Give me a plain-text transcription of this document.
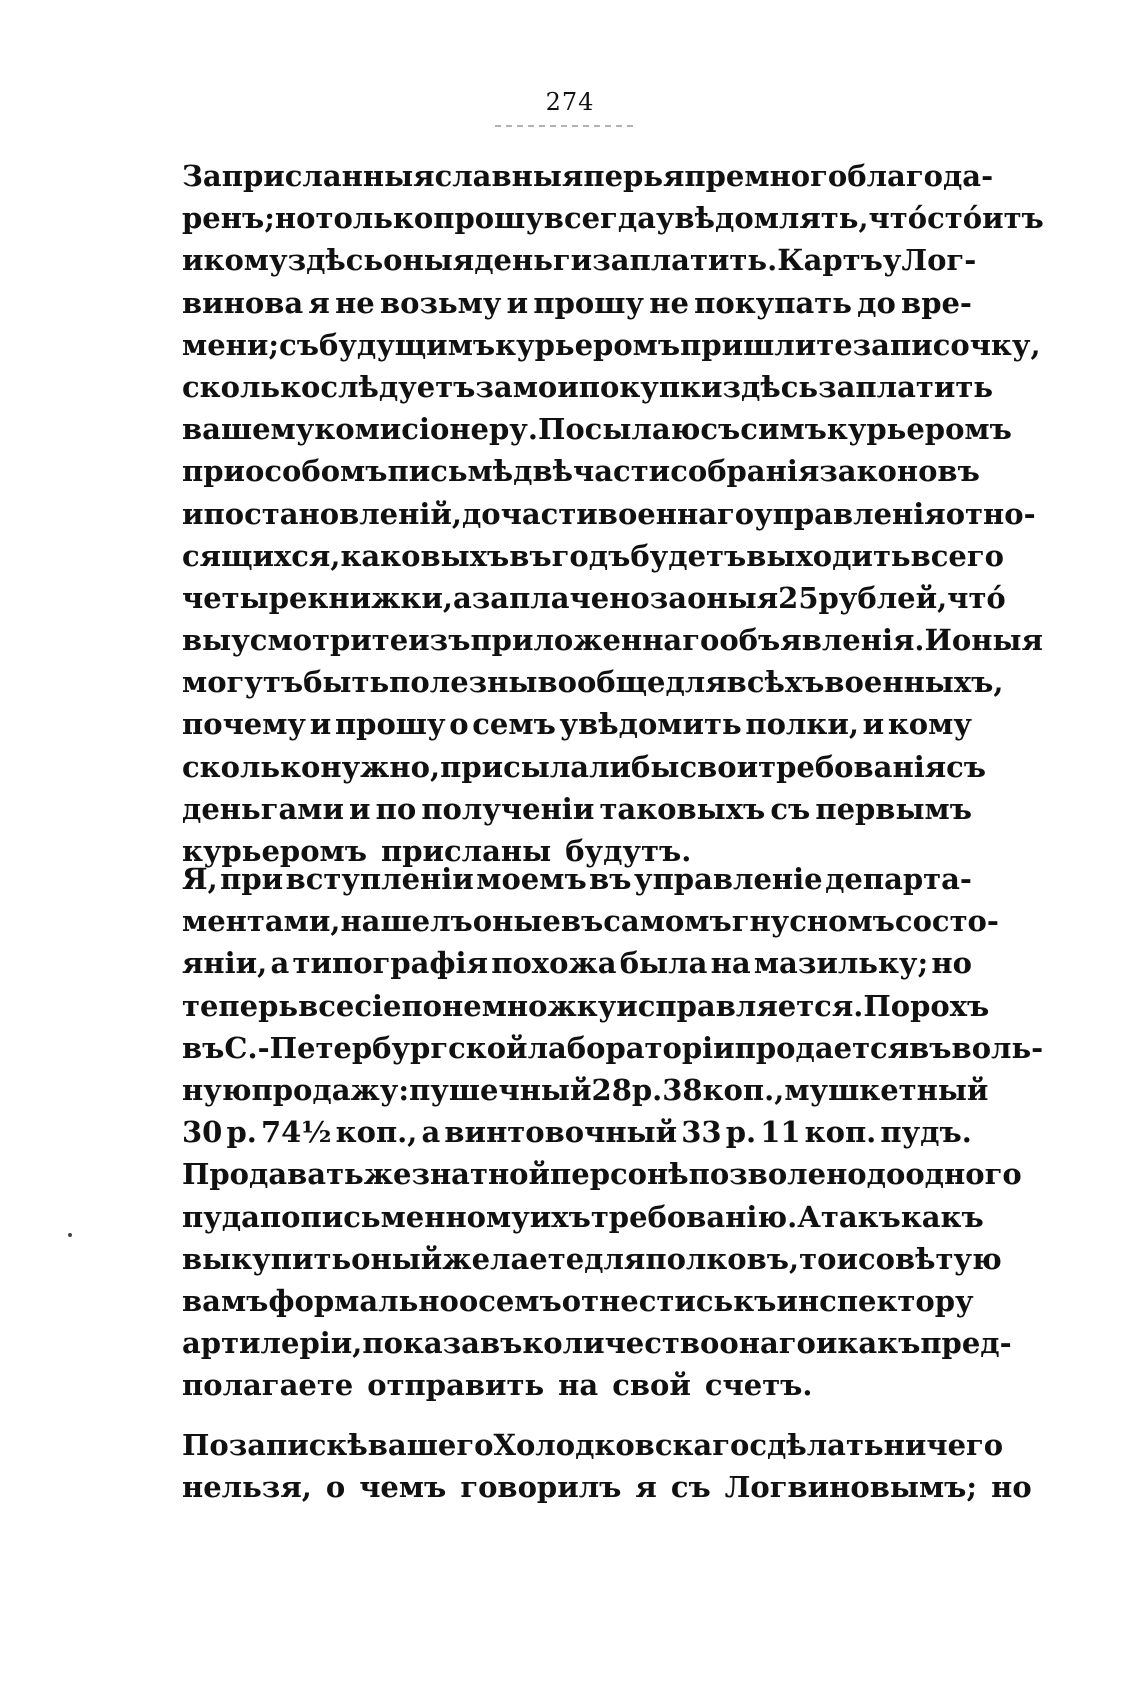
274
За присланныя славныя перья премного благода-
ренъ; но только прошу всегда увѣдомлять, чтó стóитъ
и кому здѣсь оныя деньги заплатить. Картъ у Лог-
винова я не возьму и прошу не покупать до вре-
мени; съ будущимъ курьеромъ пришлите записочку,
сколько слѣдуетъ за мои покупки здѣсь заплатить
вашему комисіонеру. Посылаю съ симъ курьеромъ
при особомъ письмѣ двѣ части собранія законовъ
и постановленій, до части военнаго управленія отно-
сящихся, каковыхъ въ годъ будетъ выходить всего
четыре книжки, а заплачено за оныя 25 рублей, чтó
вы усмотрите изъ приложеннаго объявленія. И оныя
могутъ быть полезны вообще для всѣхъ военныхъ,
почему и прошу о семъ увѣдомить полки, и кому
сколько нужно, присылали бы свои требованія съ
деньгами и по полученіи таковыхъ съ первымъ
курьеромъ присланы будутъ.
Я, при вступленіи моемъ въ управленіе департа-
ментами, нашелъ оные въ самомъ гнусномъ состо-
яніи, а типографія похожа была на мазильку; но
теперь все сіе по немножку исправляется. Порохъ
въ С.-Петербургской лабораторіи продается въ воль-
ную продажу: пушечный 28 р. 38 коп., мушкетный
30 р. 74½ коп., а винтовочный 33 р. 11 коп. пудъ.
Продавать же знатной персонѣ позволено до одного
пуда по письменному ихъ требованію. А такъ какъ
вы купить оный желаете для полковъ, то и совѣтую
вамъ формально о семъ отнестись къ инспектору
артилеріи, показавъ количество онаго и какъ пред-
полагаете отправить на свой счетъ.
По запискѣ вашего Холодковскаго сдѣлать ничего
нельзя, о чемъ говорилъ я съ Логвиновымъ; но
